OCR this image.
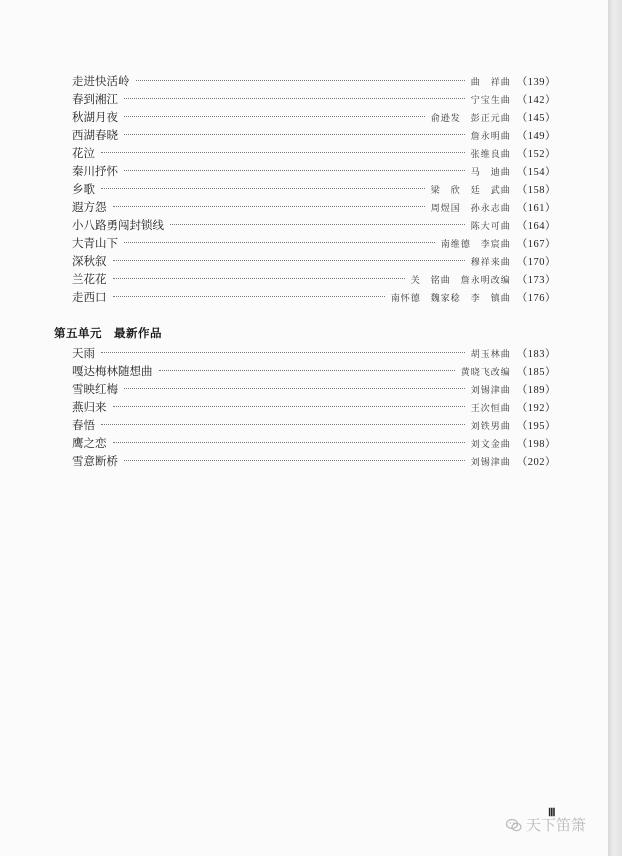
走进快活岭	曲　祥曲 （139）
春到湘江	宁宝生曲 （142）
秋湖月夜	俞逊发　彭正元曲 （145）
西湖春晓	詹永明曲 （149）
花泣	张维良曲 （152）
秦川抒怀	马　迪曲 （154）
乡歌	梁　欣　廷　武曲 （158）
遐方怨	周煜国　孙永志曲 （161）
小八路勇闯封锁线	陈大可曲 （164）
大青山下	南维德　李宸曲 （167）
深秋叙	穆祥来曲 （170）
兰花花	关　铭曲　詹永明改编 （173）
走西口	南怀德　魏家稔　李　镇曲 （176）
第五单元　最新作品
天雨	胡玉林曲 （183）
嘎达梅林随想曲	黄晓飞改编 （185）
雪映红梅	刘锡津曲 （189）
燕归来	王次恒曲 （192）
春悟	刘铁男曲 （195）
鹰之恋	刘文金曲 （198）
雪意断桥	刘锡津曲 （202）
Ⅲ
天下笛箫
